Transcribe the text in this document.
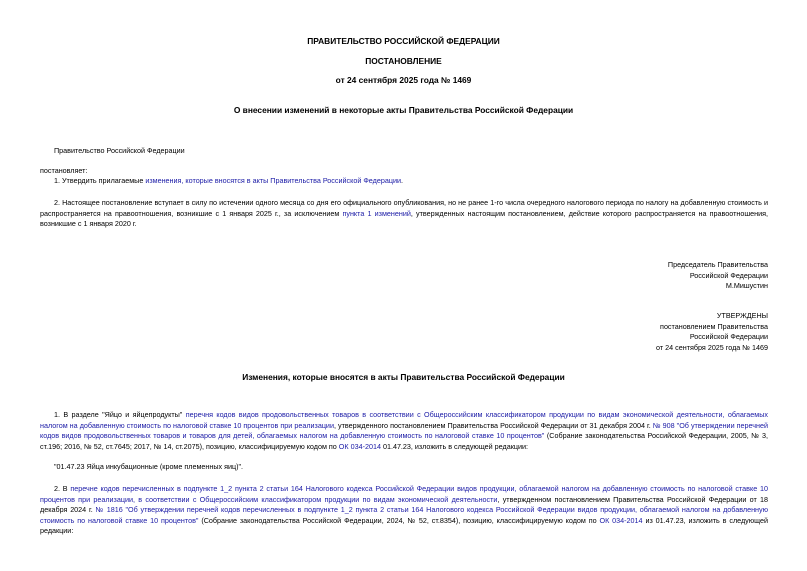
ПРАВИТЕЛЬСТВО РОССИЙСКОЙ ФЕДЕРАЦИИ
ПОСТАНОВЛЕНИЕ
от 24 сентября 2025 года № 1469
О внесении изменений в некоторые акты Правительства Российской Федерации
Правительство Российской Федерации
постановляет:
1. Утвердить прилагаемые изменения, которые вносятся в акты Правительства Российской Федерации.
2. Настоящее постановление вступает в силу по истечении одного месяца со дня его официального опубликования, но не ранее 1-го числа очередного налогового периода по налогу на добавленную стоимость и распространяется на правоотношения, возникшие с 1 января 2025 г., за исключением пункта 1 изменений, утвержденных настоящим постановлением, действие которого распространяется на правоотношения, возникшие с 1 января 2020 г.
Председатель Правительства
Российской Федерации
М.Мишустин
УТВЕРЖДЕНЫ
постановлением Правительства
Российской Федерации
от 24 сентября 2025 года № 1469
Изменения, которые вносятся в акты Правительства Российской Федерации
1. В разделе "Яйцо и яйцепродукты" перечня кодов видов продовольственных товаров в соответствии с Общероссийским классификатором продукции по видам экономической деятельности, облагаемых налогом на добавленную стоимость по налоговой ставке 10 процентов при реализации, утвержденного постановлением Правительства Российской Федерации от 31 декабря 2004 г. № 908 "Об утверждении перечней кодов видов продовольственных товаров и товаров для детей, облагаемых налогом на добавленную стоимость по налоговой ставке 10 процентов" (Собрание законодательства Российской Федерации, 2005, № 3, ст.196; 2016, № 52, ст.7645; 2017, № 14, ст.2075), позицию, классифицируемую кодом по ОК 034-2014 01.47.23, изложить в следующей редакции:
"01.47.23 Яйца инкубационные (кроме племенных яиц)".
2. В перечне кодов перечисленных в подпункте 1_2 пункта 2 статьи 164 Налогового кодекса Российской Федерации видов продукции, облагаемой налогом на добавленную стоимость по налоговой ставке 10 процентов при реализации, в соответствии с Общероссийским классификатором продукции по видам экономической деятельности, утвержденном постановлением Правительства Российской Федерации от 18 декабря 2024 г. № 1816 "Об утверждении перечней кодов перечисленных в подпункте 1_2 пункта 2 статьи 164 Налогового кодекса Российской Федерации видов продукции, облагаемой налогом на добавленную стоимость по налоговой ставке 10 процентов" (Собрание законодательства Российской Федерации, 2024, № 52, ст.8354), позицию, классифицируемую кодом по ОК 034-2014 из 01.47.23, изложить в следующей редакции:
